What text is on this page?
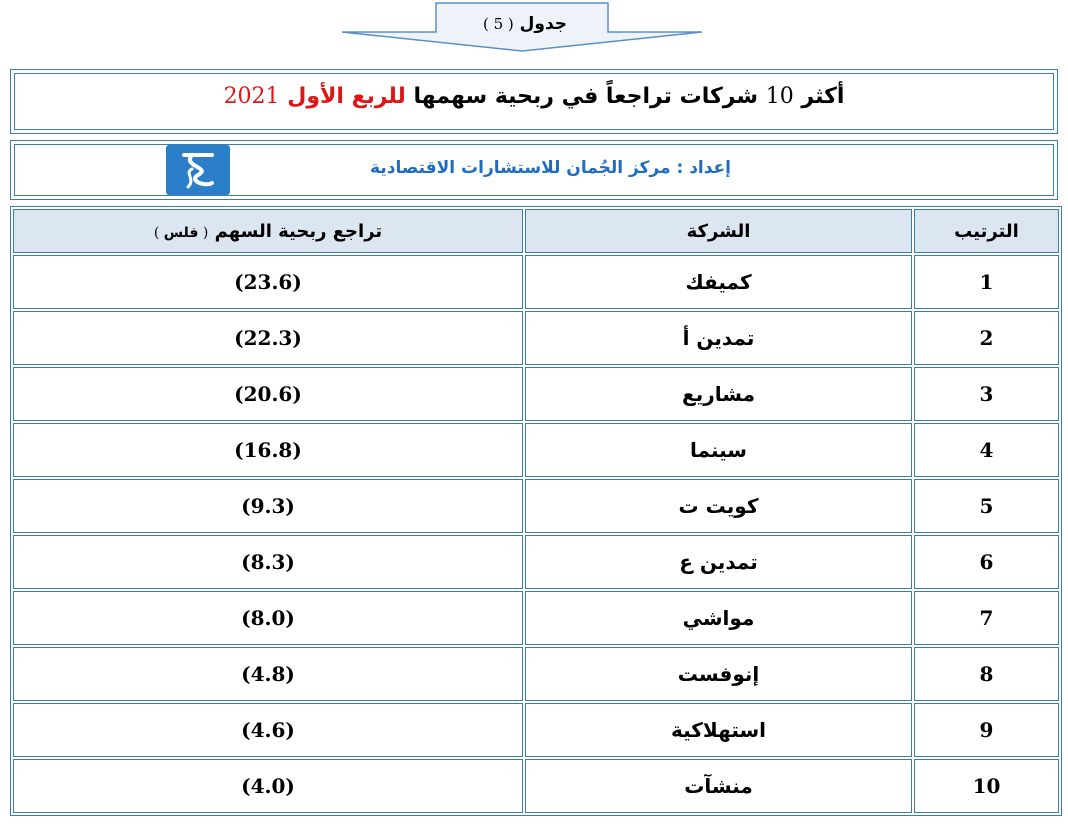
جدول ( 5 )
أكثر 10 شركات تراجعاً في ربحية سهمها للربع الأول 2021
إعداد : مركز الجُمان للاستشارات الاقتصادية
الترتيب	الشركة	تراجع ربحية السهم ( فلس )
1	كميفك	(23.6)
2	تمدين أ	(22.3)
3	مشاريع	(20.6)
4	سينما	(16.8)
5	كويت ت	(9.3)
6	تمدين ع	(8.3)
7	مواشي	(8.0)
8	إنوفست	(4.8)
9	استهلاكية	(4.6)
10	منشآت	(4.0)
